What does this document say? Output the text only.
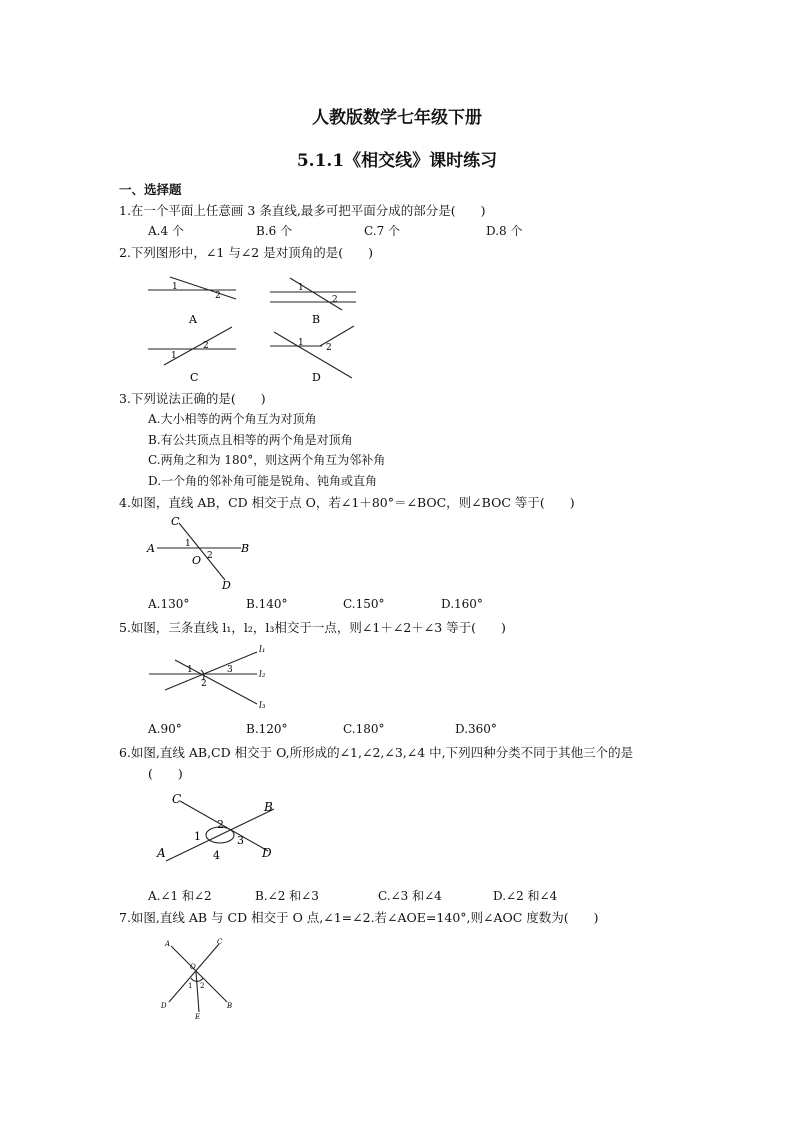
人教版数学七年级下册
5.1.1《相交线》课时练习
一、选择题
1.在一个平面上任意画 3 条直线,最多可把平面分成的部分是(　　)
A.4 个	B.6 个	C.7 个	D.8 个
2.下列图形中，∠1 与∠2 是对顶角的是(　　)
1
2
A
1
2
B
1
2
C
1 2
D
3.下列说法正确的是(　　)
A.大小相等的两个角互为对顶角
B.有公共顶点且相等的两个角是对顶角
C.两角之和为 180°，则这两个角互为邻补角
D.一个角的邻补角可能是锐角、钝角或直角
4.如图，直线 AB，CD 相交于点 O，若∠1＋80°＝∠BOC，则∠BOC 等于(　　)
A	B
C
D
O
1
2
A.130°	B.140°	C.150°	D.160°
5.如图，三条直线 l₁，l₂，l₃相交于一点，则∠1＋∠2＋∠3 等于(　　)
l₁
l₂
l₃
1
2
3
A.90°	B.120°	C.180°	D.360°
6.如图,直线 AB,CD 相交于 O,所形成的∠1,∠2,∠3,∠4 中,下列四种分类不同于其他三个的是
(　　)
C
B
A	D
2
1	3
4
A.∠1 和∠2	B.∠2 和∠3	C.∠3 和∠4	D.∠2 和∠4
7.如图,直线 AB 与 CD 相交于 O 点,∠1=∠2.若∠AOE=140°,则∠AOC 度数为(　　)
A	C
O
D	B
E
1 2
